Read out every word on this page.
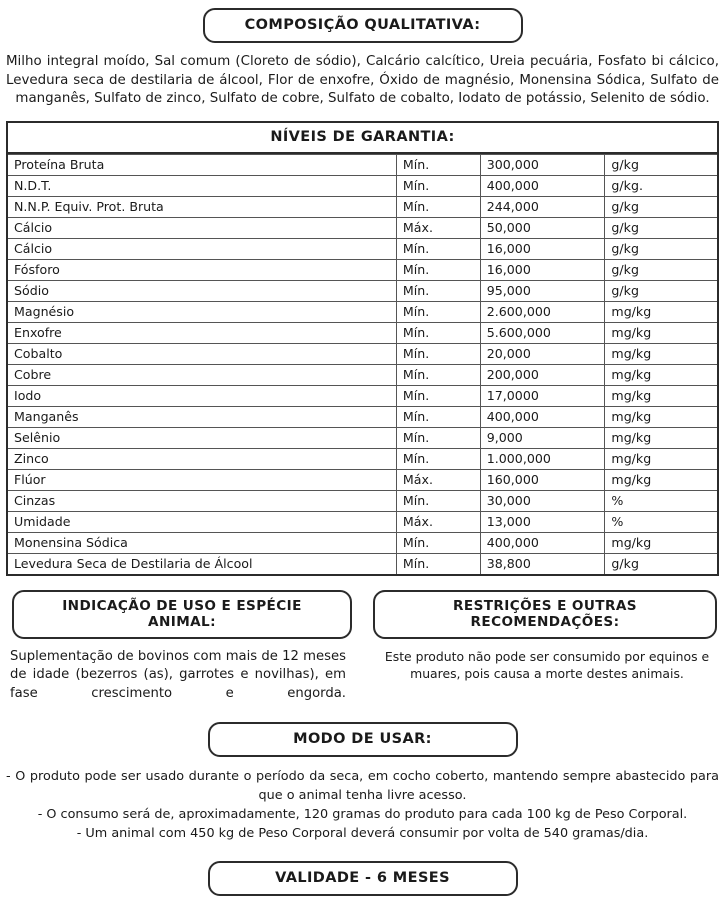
COMPOSIÇÃO QUALITATIVA:
Milho integral moído, Sal comum (Cloreto de sódio), Calcário calcítico, Ureia pecuária, Fosfato bi cálcico, Levedura seca de destilaria de álcool, Flor de enxofre, Óxido de magnésio, Monensina Sódica, Sulfato de manganês, Sulfato de zinco, Sulfato de cobre, Sulfato de cobalto, Iodato de potássio, Selenito de sódio.
NÍVEIS DE GARANTIA:
Proteína Bruta	Mín.	300,000	g/kg
N.D.T.	Mín.	400,000	g/kg.
N.N.P. Equiv. Prot. Bruta	Mín.	244,000	g/kg
Cálcio	Máx.	50,000	g/kg
Cálcio	Mín.	16,000	g/kg
Fósforo	Mín.	16,000	g/kg
Sódio	Mín.	95,000	g/kg
Magnésio	Mín.	2.600,000	mg/kg
Enxofre	Mín.	5.600,000	mg/kg
Cobalto	Mín.	20,000	mg/kg
Cobre	Mín.	200,000	mg/kg
Iodo	Mín.	17,0000	mg/kg
Manganês	Mín.	400,000	mg/kg
Selênio	Mín.	9,000	mg/kg
Zinco	Mín.	1.000,000	mg/kg
Flúor	Máx.	160,000	mg/kg
Cinzas	Mín.	30,000	%
Umidade	Máx.	13,000	%
Monensina Sódica	Mín.	400,000	mg/kg
Levedura Seca de Destilaria de Álcool	Mín.	38,800	g/kg
INDICAÇÃO DE USO E ESPÉCIE ANIMAL:

Suplementação de bovinos com mais de 12 meses de idade (bezerros (as), garrotes e novilhas), em fase crescimento e engorda.

RESTRIÇÕES E OUTRAS RECOMENDAÇÕES:

Este produto não pode ser consumido por equinos e muares, pois causa a morte destes animais.

MODO DE USAR:
- O produto pode ser usado durante o período da seca, em cocho coberto, mantendo sempre abastecido para que o animal tenha livre acesso.
- O consumo será de, aproximadamente, 120 gramas do produto para cada 100 kg de Peso Corporal.
- Um animal com 450 kg de Peso Corporal deverá consumir por volta de 540 gramas/dia.
VALIDADE - 6 MESES
